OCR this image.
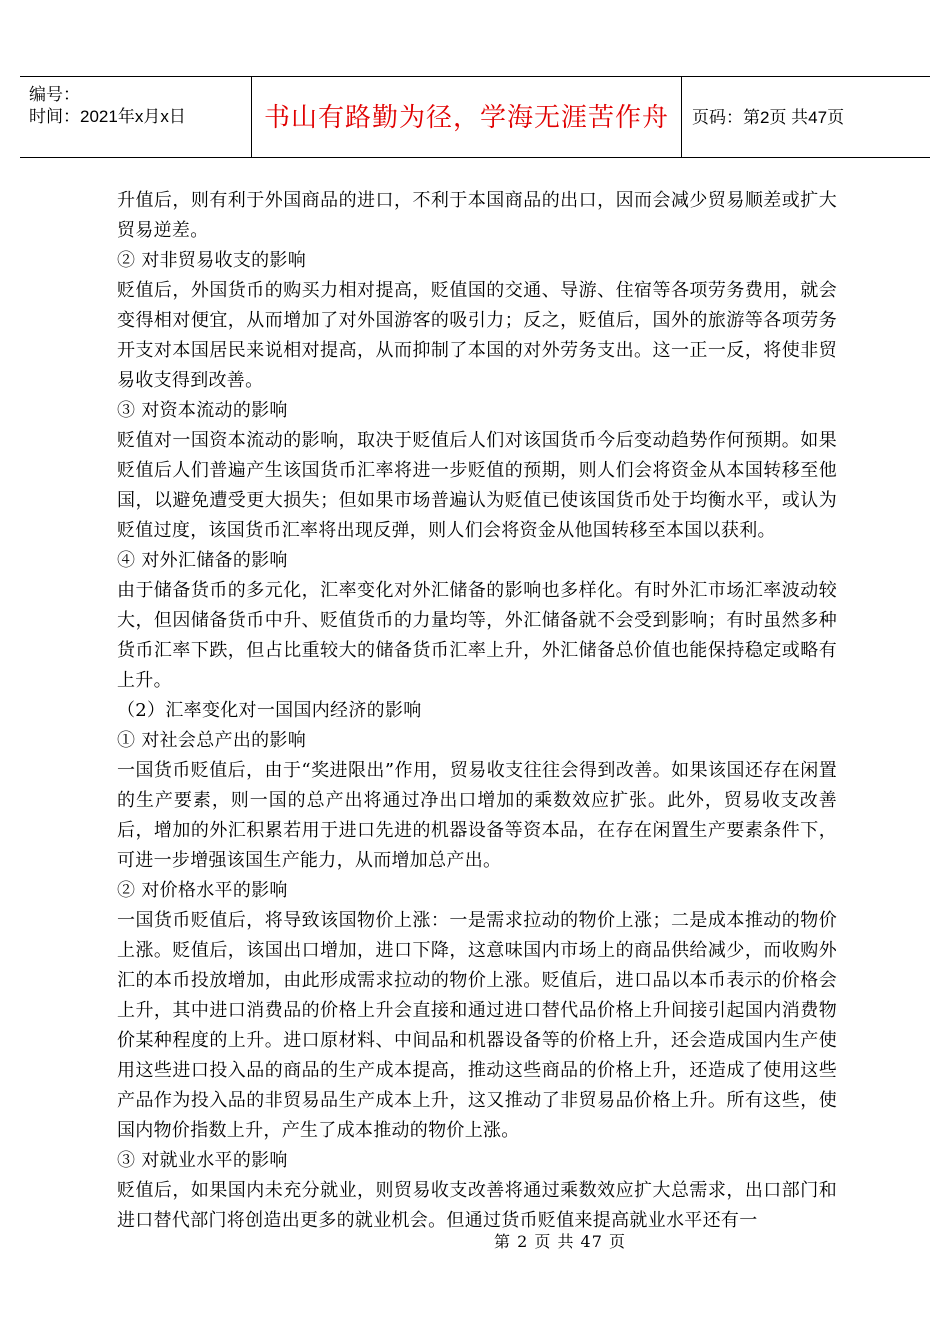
编号：
时间：2021年x月x日	书山有路勤为径，学海无涯苦作舟 页码：第2页 共47页

升值后，则有利于外国商品的进口，不利于本国商品的出口，因而会减少贸易顺差或扩大贸易逆差。

② 对非贸易收支的影响

贬值后，外国货币的购买力相对提高，贬值国的交通、导游、住宿等各项劳务费用，就会变得相对便宜，从而增加了对外国游客的吸引力；反之，贬值后，国外的旅游等各项劳务开支对本国居民来说相对提高，从而抑制了本国的对外劳务支出。这一正一反，将使非贸易收支得到改善。

③ 对资本流动的影响

贬值对一国资本流动的影响，取决于贬值后人们对该国货币今后变动趋势作何预期。如果贬值后人们普遍产生该国货币汇率将进一步贬值的预期，则人们会将资金从本国转移至他国，以避免遭受更大损失；但如果市场普遍认为贬值已使该国货币处于均衡水平，或认为贬值过度，该国货币汇率将出现反弹，则人们会将资金从他国转移至本国以获利。

④ 对外汇储备的影响

由于储备货币的多元化，汇率变化对外汇储备的影响也多样化。有时外汇市场汇率波动较大，但因储备货币中升、贬值货币的力量均等，外汇储备就不会受到影响；有时虽然多种货币汇率下跌，但占比重较大的储备货币汇率上升，外汇储备总价值也能保持稳定或略有上升。

（2）汇率变化对一国国内经济的影响

① 对社会总产出的影响

一国货币贬值后，由于“奖进限出”作用，贸易收支往往会得到改善。如果该国还存在闲置的生产要素，则一国的总产出将通过净出口增加的乘数效应扩张。此外，贸易收支改善后，增加的外汇积累若用于进口先进的机器设备等资本品，在存在闲置生产要素条件下，可进一步增强该国生产能力，从而增加总产出。

② 对价格水平的影响

一国货币贬值后，将导致该国物价上涨：一是需求拉动的物价上涨；二是成本推动的物价上涨。贬值后，该国出口增加，进口下降，这意味国内市场上的商品供给减少，而收购外汇的本币投放增加，由此形成需求拉动的物价上涨。贬值后，进口品以本币表示的价格会上升，其中进口消费品的价格上升会直接和通过进口替代品价格上升间接引起国内消费物价某种程度的上升。进口原材料、中间品和机器设备等的价格上升，还会造成国内生产使用这些进口投入品的商品的生产成本提高，推动这些商品的价格上升，还造成了使用这些产品作为投入品的非贸易品生产成本上升，这又推动了非贸易品价格上升。所有这些，使国内物价指数上升，产生了成本推动的物价上涨。

③ 对就业水平的影响

贬值后，如果国内未充分就业，则贸易收支改善将通过乘数效应扩大总需求，出口部门和进口替代部门将创造出更多的就业机会。但通过货币贬值来提高就业水平还有一

第 2 页 共 47 页
